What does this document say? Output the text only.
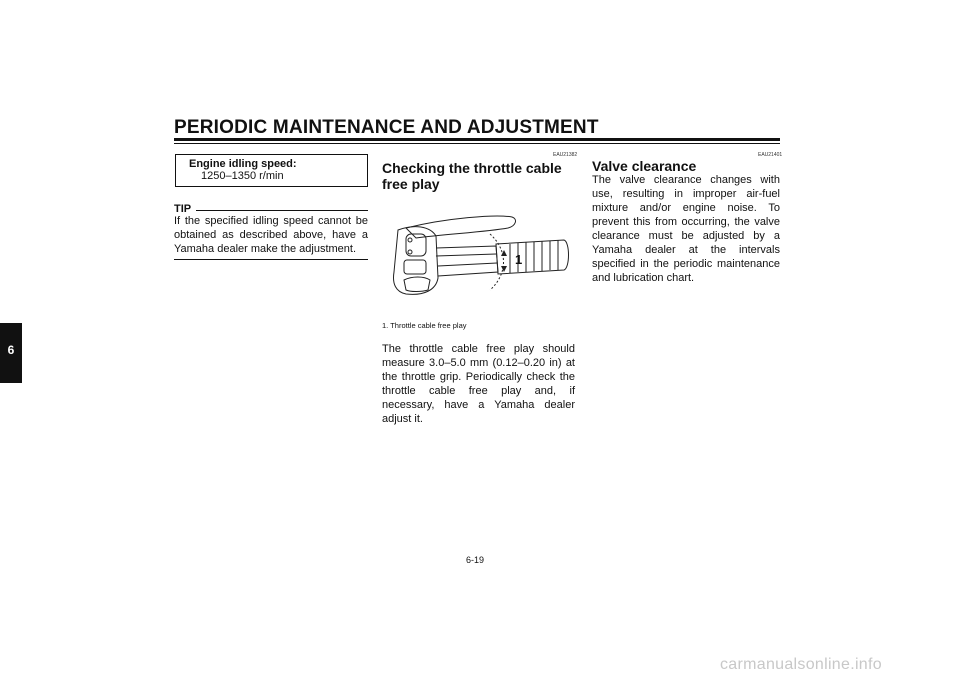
PERIODIC MAINTENANCE AND ADJUSTMENT
6
Engine idling speed:
1250–1350 r/min
TIP
If the specified idling speed cannot be obtained as described above, have a Yamaha dealer make the adjustment.
EAU21382
Checking the throttle cable free play
1
1. Throttle cable free play
The throttle cable free play should measure 3.0–5.0 mm (0.12–0.20 in) at the throttle grip. Periodically check the throttle cable free play and, if necessary, have a Yamaha dealer adjust it.
EAU21401
Valve clearance
The valve clearance changes with use, resulting in improper air-fuel mixture and/or engine noise. To prevent this from occurring, the valve clearance must be adjusted by a Yamaha dealer at the intervals specified in the periodic maintenance and lubrication chart.
6-19
carmanualsonline.info
